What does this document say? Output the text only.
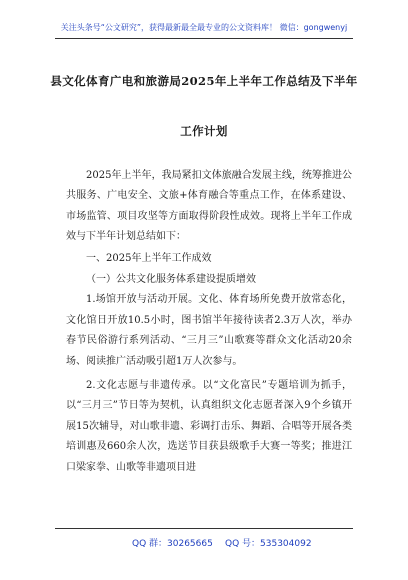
关注头条号“公文研究”，获得最新最全最专业的公文资料库！ 微信：gongwenyj
县文化体育广电和旅游局2025年上半年工作总结及下半年
工作计划

2025年上半年，我局紧扣文体旅融合发展主线，统筹推进公共服务、广电安全、文旅+体育融合等重点工作，在体系建设、市场监管、项目攻坚等方面取得阶段性成效。现将上半年工作成效与下半年计划总结如下：

一、2025年上半年工作成效

（一）公共文化服务体系建设提质增效

1.场馆开放与活动开展。文化、体育场所免费开放常态化，文化馆日开放10.5小时，图书馆半年接待读者2.3万人次，举办春节民俗游行系列活动、“三月三”山歌赛等群众文化活动20余场、阅读推广活动吸引超1万人次参与。

2.文化志愿与非遗传承。以“文化富民”专题培训为抓手，以“三月三”节日等为契机，认真组织文化志愿者深入9个乡镇开展15次辅导，对山歌非遗、彩调打击乐、舞蹈、合唱等开展各类培训惠及660余人次，选送节目获县级歌手大赛一等奖；推进江口梁家拳、山歌等非遗项目进

QQ 群：30265665 QQ 号：535304092
